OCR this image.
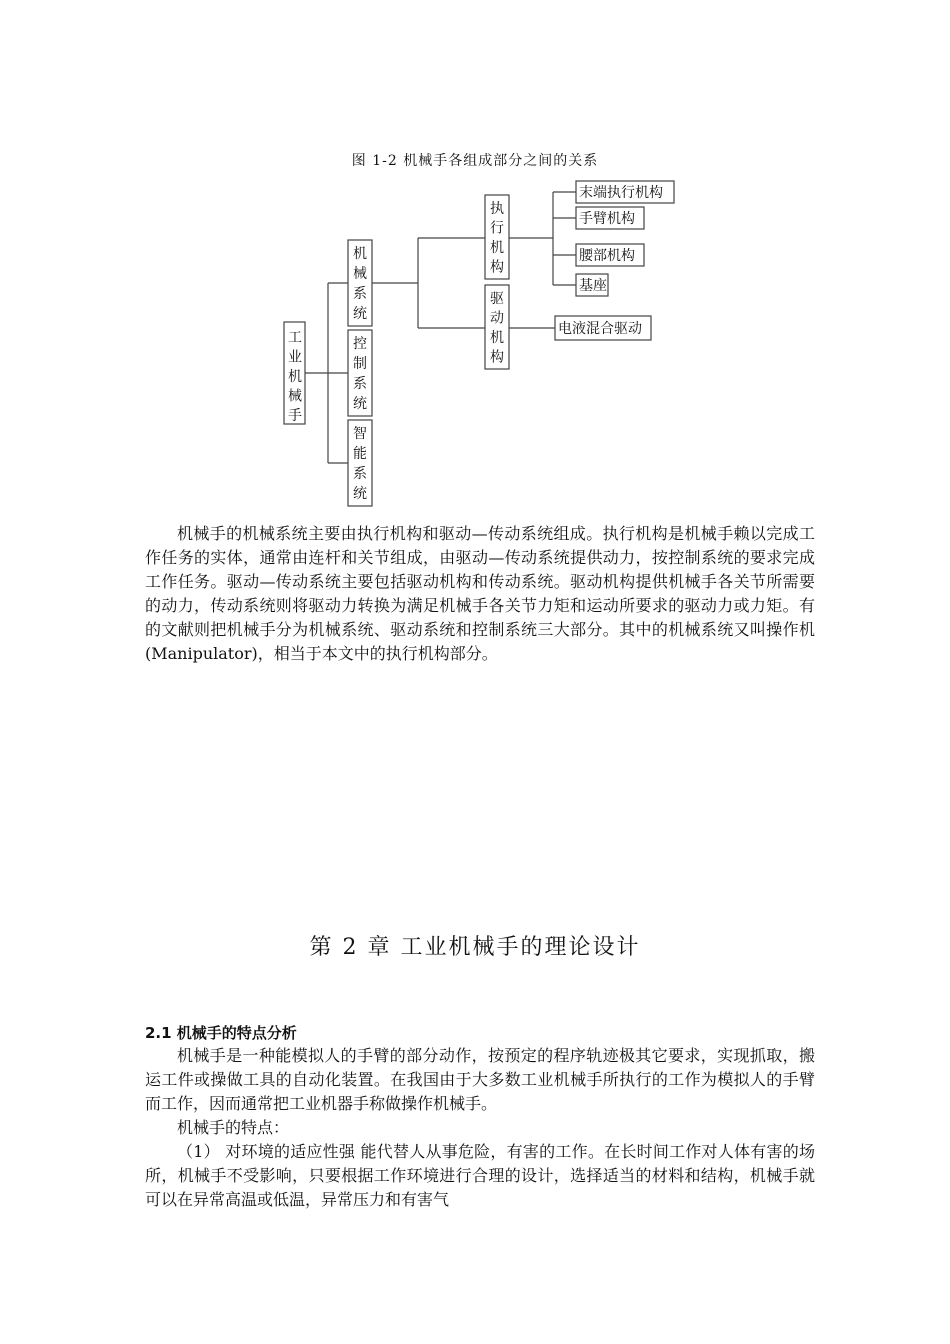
图 1-2 机械手各组成部分之间的关系
工
业
机
械
手
机
械
系
统
控
制
系
统
智
能
系
统
执
行
机
构
驱
动
机
构
末端执行机构
手臂机构
腰部机构
基座
电液混合驱动

机械手的机械系统主要由执行机构和驱动—传动系统组成。执行机构是机械手赖以完成工作任务的实体，通常由连杆和关节组成，由驱动—传动系统提供动力，按控制系统的要求完成工作任务。驱动—传动系统主要包括驱动机构和传动系统。驱动机构提供机械手各关节所需要的动力，传动系统则将驱动力转换为满足机械手各关节力矩和运动所要求的驱动力或力矩。有的文献则把机械手分为机械系统、驱动系统和控制系统三大部分。其中的机械系统又叫操作机(Manipulator)，相当于本文中的执行机构部分。

第 2 章 工业机械手的理论设计
2.1 机械手的特点分析

机械手是一种能模拟人的手臂的部分动作，按预定的程序轨迹极其它要求，实现抓取，搬运工件或操做工具的自动化装置。在我国由于大多数工业机械手所执行的工作为模拟人的手臂而工作，因而通常把工业机器手称做操作机械手。

机械手的特点：

（1） 对环境的适应性强 能代替人从事危险，有害的工作。在长时间工作对人体有害的场所，机械手不受影响，只要根据工作环境进行合理的设计，选择适当的材料和结构，机械手就可以在异常高温或低温，异常压力和有害气
